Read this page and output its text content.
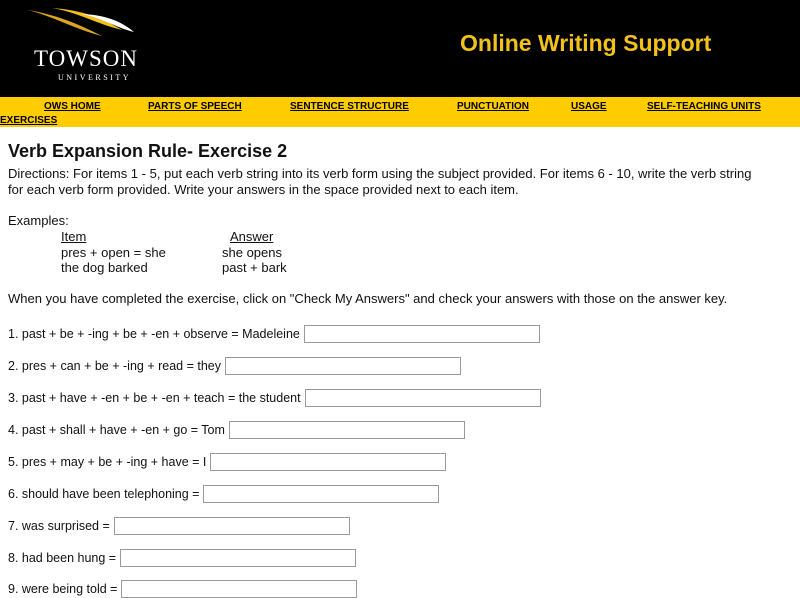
TOWSON
UNIVERSITY
Online Writing Support
OWS HOME	PARTS OF SPEECH	SENTENCE STRUCTURE	PUNCTUATION	USAGE	SELF-TEACHING UNITS
EXERCISES
Verb Expansion Rule- Exercise 2
Directions: For items 1 - 5, put each verb string into its verb form using the subject provided. For items 6 - 10, write the verb string
for each verb form provided. Write your answers in the space provided next to each item.
Examples:
Item	Answer
pres + open = she	she opens
the dog barked	past + bark
When you have completed the exercise, click on "Check My Answers" and check your answers with those on the answer key.
1. past + be + -ing + be + -en + observe = Madeleine
2. pres + can + be + -ing + read = they
3. past + have + -en + be + -en + teach = the student
4. past + shall + have + -en + go = Tom
5. pres + may + be + -ing + have = I
6. should have been telephoning =
7. was surprised =
8. had been hung =
9. were being told =
